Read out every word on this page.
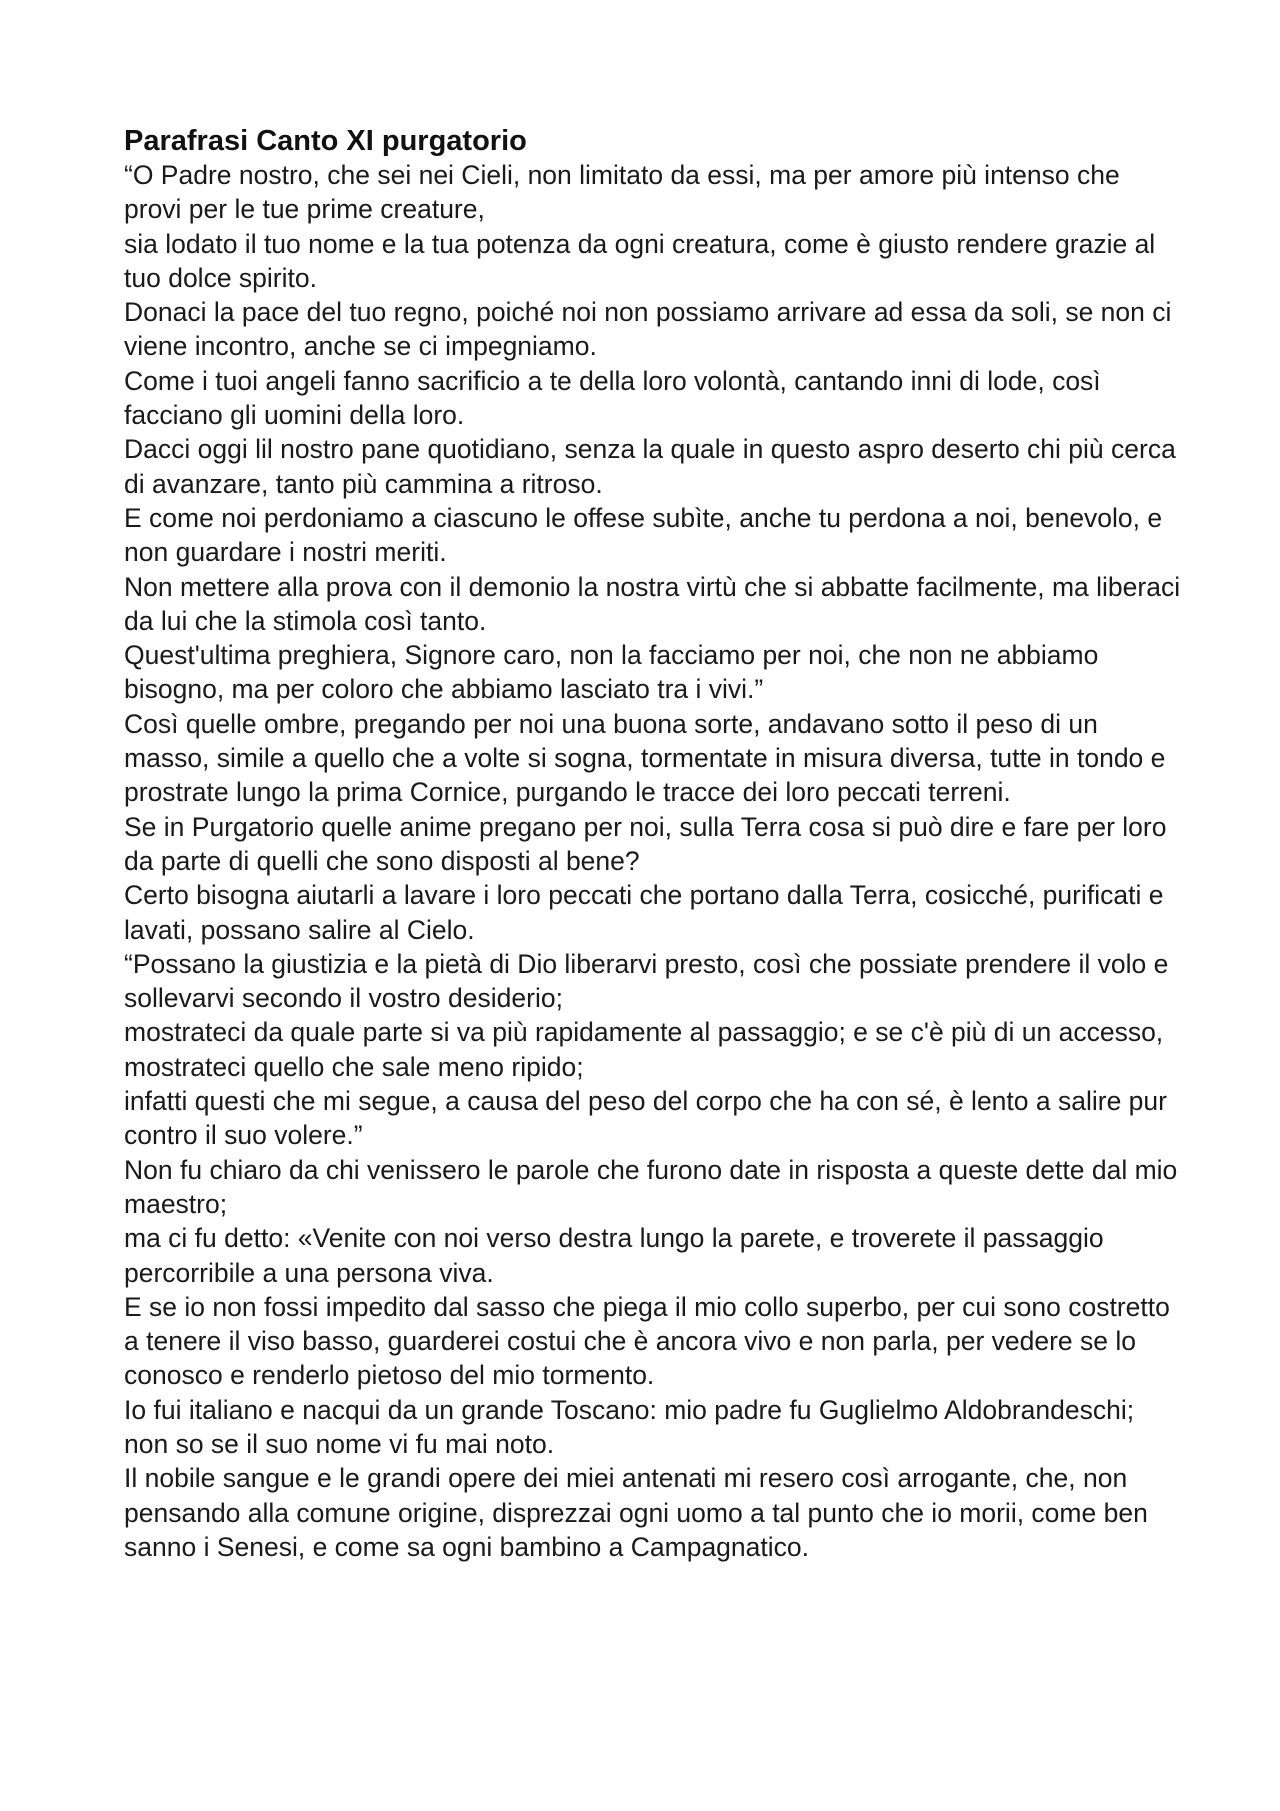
Parafrasi Canto XI purgatorio

“O Padre nostro, che sei nei Cieli, non limitato da essi, ma per amore più intenso che provi per le tue prime creature,

sia lodato il tuo nome e la tua potenza da ogni creatura, come è giusto rendere grazie al tuo dolce spirito.

Donaci la pace del tuo regno, poiché noi non possiamo arrivare ad essa da soli, se non ci viene incontro, anche se ci impegniamo.

Come i tuoi angeli fanno sacrificio a te della loro volontà, cantando inni di lode, così facciano gli uomini della loro.

Dacci oggi lil nostro pane quotidiano, senza la quale in questo aspro deserto chi più cerca di avanzare, tanto più cammina a ritroso.

E come noi perdoniamo a ciascuno le offese subìte, anche tu perdona a noi, benevolo, e non guardare i nostri meriti.

Non mettere alla prova con il demonio la nostra virtù che si abbatte facilmente, ma liberaci da lui che la stimola così tanto.

Quest'ultima preghiera, Signore caro, non la facciamo per noi, che non ne abbiamo bisogno, ma per coloro che abbiamo lasciato tra i vivi.”

Così quelle ombre, pregando per noi una buona sorte, andavano sotto il peso di un masso, simile a quello che a volte si sogna, tormentate in misura diversa, tutte in tondo e prostrate lungo la prima Cornice, purgando le tracce dei loro peccati terreni.

Se in Purgatorio quelle anime pregano per noi, sulla Terra cosa si può dire e fare per loro da parte di quelli che sono disposti al bene?

Certo bisogna aiutarli a lavare i loro peccati che portano dalla Terra, cosicché, purificati e lavati, possano salire al Cielo.

“Possano la giustizia e la pietà di Dio liberarvi presto, così che possiate prendere il volo e sollevarvi secondo il vostro desiderio;

mostrateci da quale parte si va più rapidamente al passaggio; e se c'è più di un accesso, mostrateci quello che sale meno ripido;

infatti questi che mi segue, a causa del peso del corpo che ha con sé, è lento a salire pur contro il suo volere.”

Non fu chiaro da chi venissero le parole che furono date in risposta a queste dette dal mio maestro;

ma ci fu detto: «Venite con noi verso destra lungo la parete, e troverete il passaggio percorribile a una persona viva.

E se io non fossi impedito dal sasso che piega il mio collo superbo, per cui sono costretto a tenere il viso basso, guarderei costui che è ancora vivo e non parla, per vedere se lo conosco e renderlo pietoso del mio tormento.

Io fui italiano e nacqui da un grande Toscano: mio padre fu Guglielmo Aldobrandeschi; non so se il suo nome vi fu mai noto.

Il nobile sangue e le grandi opere dei miei antenati mi resero così arrogante, che, non pensando alla comune origine, disprezzai ogni uomo a tal punto che io morii, come ben sanno i Senesi, e come sa ogni bambino a Campagnatico.
